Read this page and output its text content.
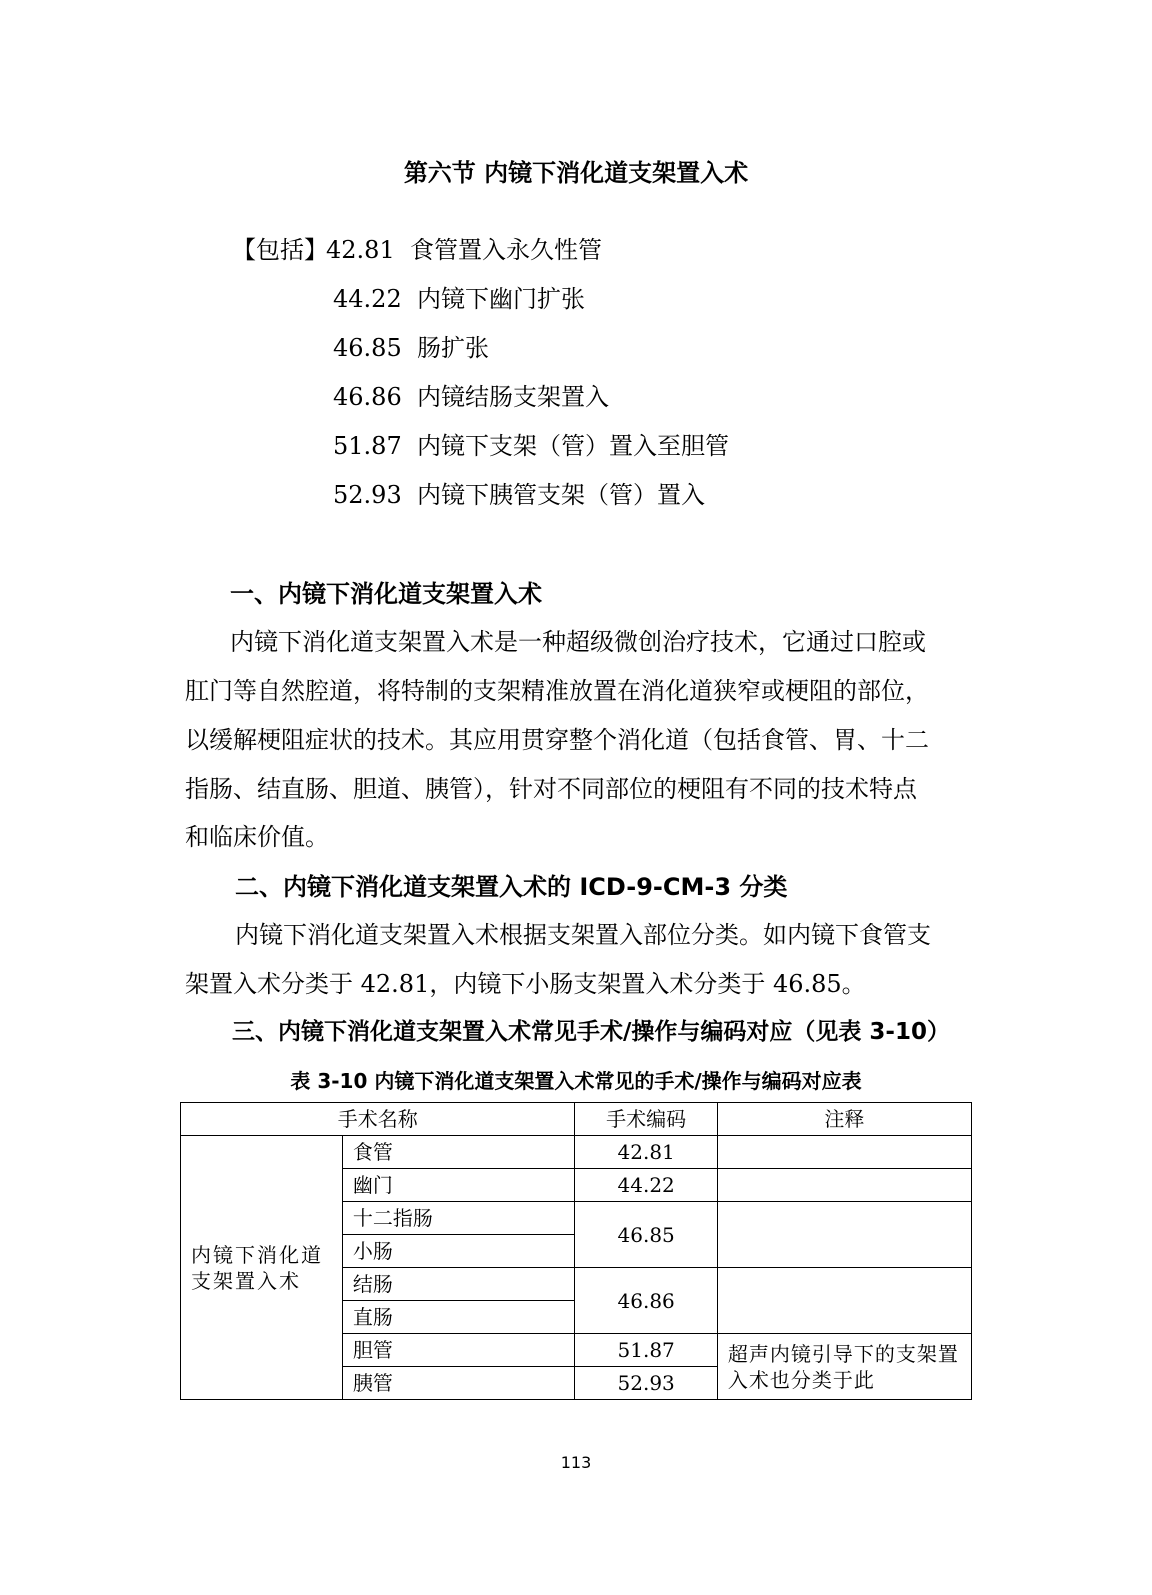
第六节 内镜下消化道支架置入术
【包括】
42.81 食管置入永久性管
44.22 内镜下幽门扩张
46.85 肠扩张
46.86 内镜结肠支架置入
51.87 内镜下支架（管）置入至胆管
52.93 内镜下胰管支架（管）置入
一、内镜下消化道支架置入术
内镜下消化道支架置入术是一种超级微创治疗技术，它通过口腔或
肛门等自然腔道，将特制的支架精准放置在消化道狭窄或梗阻的部位，
以缓解梗阻症状的技术。其应用贯穿整个消化道（包括食管、胃、十二
指肠、结直肠、胆道、胰管），针对不同部位的梗阻有不同的技术特点
和临床价值。
二、内镜下消化道支架置入术的 ICD-9-CM-3 分类
内镜下消化道支架置入术根据支架置入部位分类。如内镜下食管支
架置入术分类于 42.81，内镜下小肠支架置入术分类于 46.85。
三、内镜下消化道支架置入术常见手术/操作与编码对应（见表 3-10）
表 3-10 内镜下消化道支架置入术常见的手术/操作与编码对应表
手术名称		手术编码	注释
内镜下消化道支架置入术	食管	42.81	
	幽门	44.22	
	十二指肠	46.85	
	小肠		
	结肠	46.86	
	直肠		
	胆管	51.87	超声内镜引导下的支架置入术也分类于此
	胰管	52.93	
113
